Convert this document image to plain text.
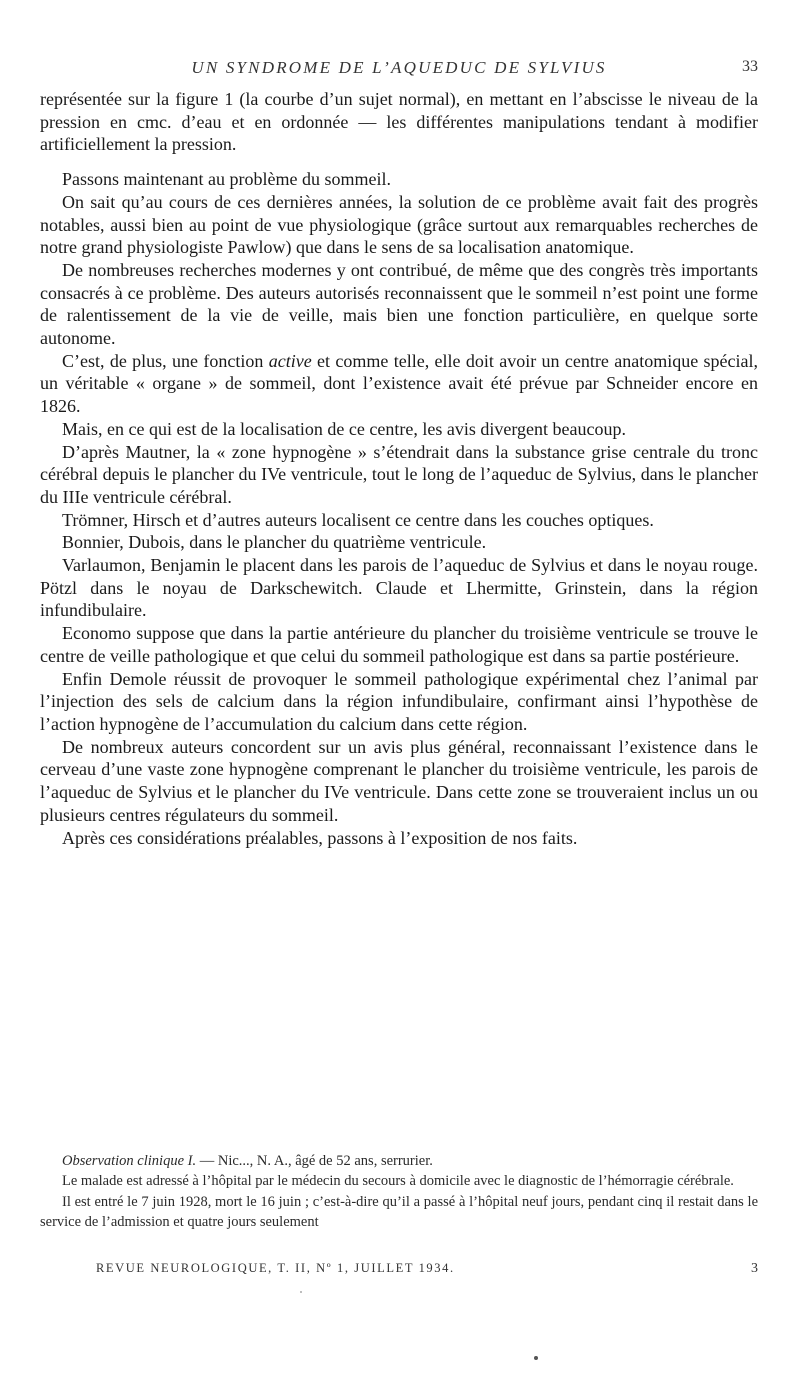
UN SYNDROME DE L’AQUEDUC DE SYLVIUS	33

représentée sur la figure 1 (la courbe d’un sujet normal), en mettant en l’abscisse le niveau de la pression en cmc. d’eau et en ordonnée — les différentes manipulations tendant à modifier artificiellement la pression.

Passons maintenant au problème du sommeil.

On sait qu’au cours de ces dernières années, la solution de ce problème avait fait des progrès notables, aussi bien au point de vue physiologique (grâce surtout aux remarquables recherches de notre grand physiologiste Pawlow) que dans le sens de sa localisation anatomique.

De nombreuses recherches modernes y ont contribué, de même que des congrès très importants consacrés à ce problème. Des auteurs autorisés reconnaissent que le sommeil n’est point une forme de ralentissement de la vie de veille, mais bien une fonction particulière, en quelque sorte autonome.

C’est, de plus, une fonction active et comme telle, elle doit avoir un centre anatomique spécial, un véritable « organe » de sommeil, dont l’existence avait été prévue par Schneider encore en 1826.

Mais, en ce qui est de la localisation de ce centre, les avis divergent beaucoup.

D’après Mautner, la « zone hypnogène » s’étendrait dans la substance grise centrale du tronc cérébral depuis le plancher du IVe ventricule, tout le long de l’aqueduc de Sylvius, dans le plancher du IIIe ventricule cérébral.

Trömner, Hirsch et d’autres auteurs localisent ce centre dans les couches optiques.

Bonnier, Dubois, dans le plancher du quatrième ventricule.

Varlaumon, Benjamin le placent dans les parois de l’aqueduc de Sylvius et dans le noyau rouge. Pötzl dans le noyau de Darkschewitch. Claude et Lhermitte, Grinstein, dans la région infundibulaire.

Economo suppose que dans la partie antérieure du plancher du troisième ventricule se trouve le centre de veille pathologique et que celui du sommeil pathologique est dans sa partie postérieure.

Enfin Demole réussit de provoquer le sommeil pathologique expérimental chez l’animal par l’injection des sels de calcium dans la région infundibulaire, confirmant ainsi l’hypothèse de l’action hypnogène de l’accumulation du calcium dans cette région.

De nombreux auteurs concordent sur un avis plus général, reconnaissant l’existence dans le cerveau d’une vaste zone hypnogène comprenant le plancher du troisième ventricule, les parois de l’aqueduc de Sylvius et le plancher du IVe ventricule. Dans cette zone se trouveraient inclus un ou plusieurs centres régulateurs du sommeil.

Après ces considérations préalables, passons à l’exposition de nos faits.

Observation clinique I. — Nic..., N. A., âgé de 52 ans, serrurier.

Le malade est adressé à l’hôpital par le médecin du secours à domicile avec le diagnostic de l’hémorragie cérébrale.

Il est entré le 7 juin 1928, mort le 16 juin ; c’est-à-dire qu’il a passé à l’hôpital neuf jours, pendant cinq il restait dans le service de l’admission et quatre jours seulement

REVUE NEUROLOGIQUE, T. II, Nº 1, JUILLET 1934.	3
